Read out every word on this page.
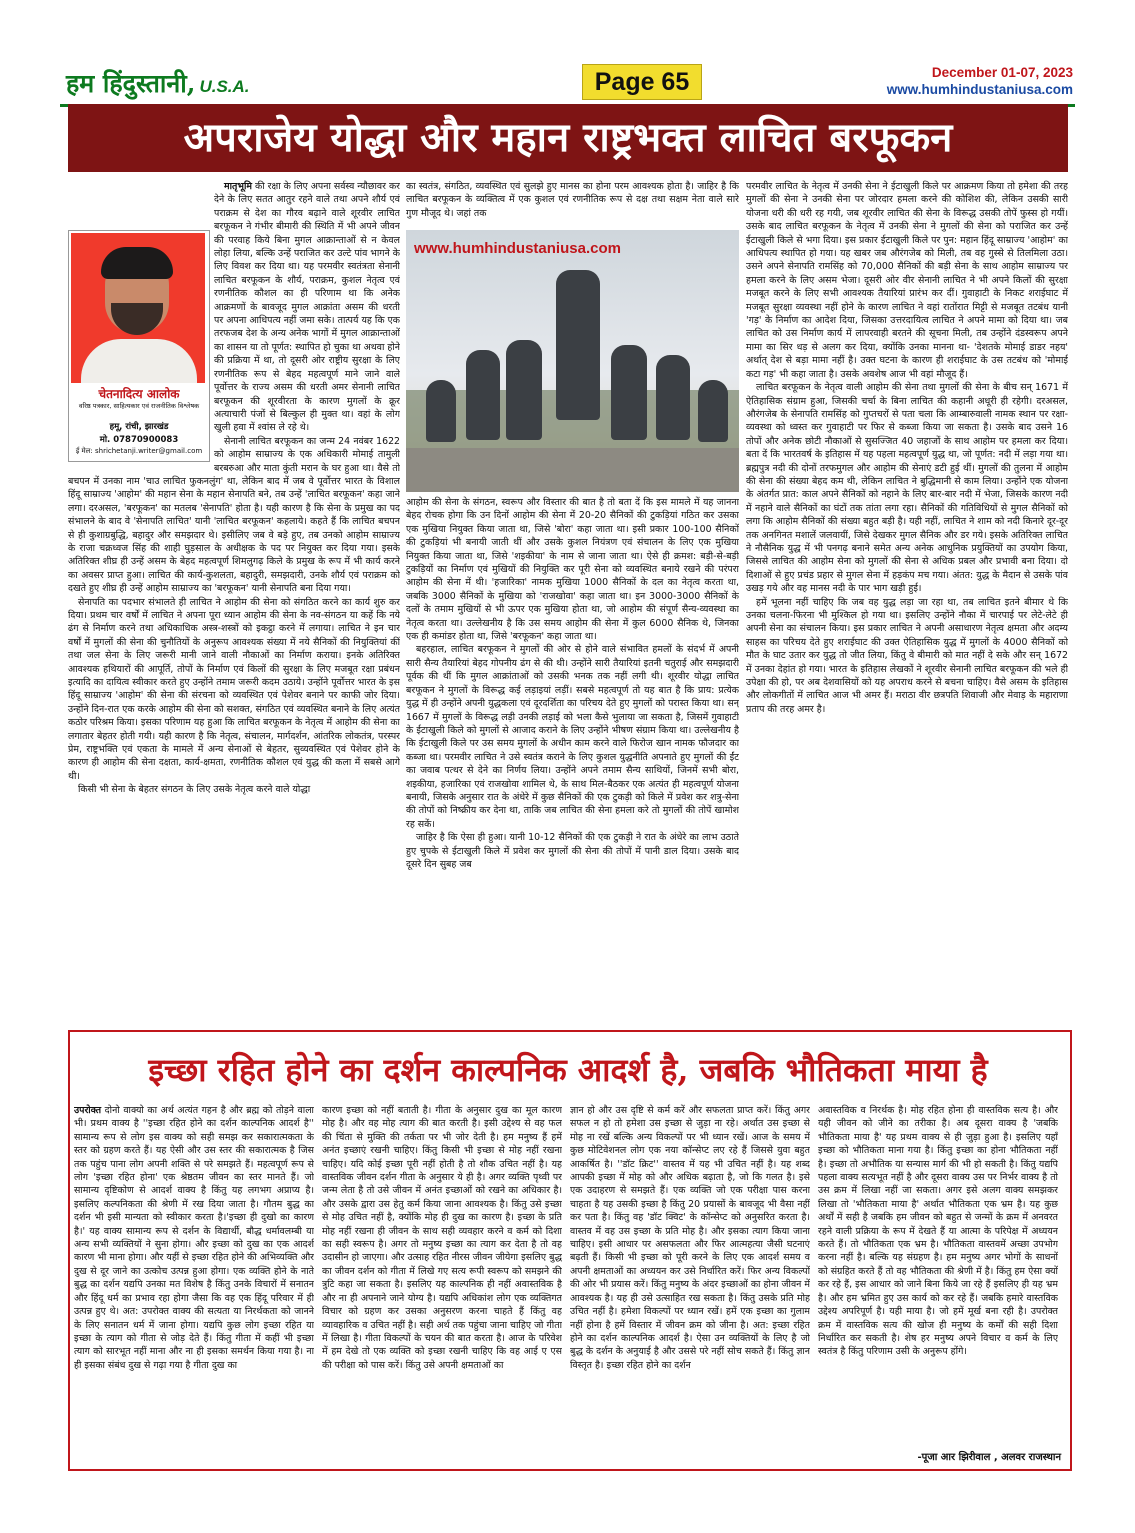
हम हिंदुस्तानी, U.S.A.	Page 65	December 01-07, 2023
www.humhindustaniusa.com
अपराजेय योद्धा और महान राष्ट्रभक्त लाचित बरफूकन

मातृभूमि की रक्षा के लिए अपना सर्वस्व न्यौछावर कर देने के लिए सतत आतुर रहने वाले तथा अपने शौर्य एवं पराक्रम से देश का गौरव बढ़ाने वाले शूरवीर लाचित बरफूकन ने गंभीर बीमारी की स्थिति में भी अपने जीवन की परवाह किये बिना मुगल आक्रान्ताओं से न केवल लोहा लिया, बल्कि उन्हें पराजित कर उल्टे पांव भागने के लिए विवश कर दिया था। यह परमवीर स्वतंत्रता सेनानी लाचित बरफूकन के शौर्य, पराक्रम, कुशल नेतृत्व एवं रणनीतिक कौशल का ही परिणाम था कि अनेक आक्रमणों के बावजूद मुगल आक्रांता असम की धरती पर अपना आधिपत्य नहीं जमा सके। तात्पर्य यह कि एक तरफजब देश के अन्य अनेक भागों में मुगल आक्रान्ताओं का शासन या तो पूर्णत: स्थापित हो चुका था अथवा होने की प्रक्रिया में था, तो दूसरी ओर राष्ट्रीय सुरक्षा के लिए रणनीतिक रूप से बेहद महत्वपूर्ण माने जाने वाले पूर्वोत्तर के राज्य असम की धरती अमर सेनानी लाचित बरफूकन की शूरवीरता के कारण मुगलों के क्रूर अत्याचारी पंजों से बिल्कुल ही मुक्त था। वहां के लोग खुली हवा में श्वांस ले रहे थे।

सेनानी लाचित बरफूकन का जन्म 24 नवंबर 1622 को आहोम साम्राज्य के एक अधिकारी मोमाई तामुली बरबरुआ और माता कुंती मरान के घर हुआ था। वैसे तो बचपन में उनका नाम 'चाउ लाचित फुकनलुंग' था, लेकिन बाद में जब वे पूर्वोत्तर भारत के विशाल हिंदू साम्राज्य 'आहोम' की महान सेना के महान सेनापति बने, तब उन्हें 'लाचित बरफूकन' कहा जाने लगा। दरअसल, 'बरफूकन' का मतलब 'सेनापति' होता है। यही कारण है कि सेना के प्रमुख का पद संभालने के बाद वे 'सेनापति लाचित' यानी 'लाचित बरफूकन' कहलाये। कहते हैं कि लाचित बचपन से ही कुशाग्रबुद्धि, बहादुर और समझदार थे। इसीलिए जब वे बड़े हुए, तब उनको आहोम साम्राज्य के राजा चक्रध्वज सिंह की शाही घुड़साल के अधीक्षक के पद पर नियुक्त कर दिया गया। इसके अतिरिक्त शीघ्र ही उन्हें असम के बेहद महत्वपूर्ण शिमलुगढ़ किले के प्रमुख के रूप में भी कार्य करने का अवसर प्राप्त हुआ। लाचित की कार्य-कुशलता, बहादुरी, समझदारी, उनके शौर्य एवं पराक्रम को दखते हुए शीघ्र ही उन्हें आहोम साम्राज्य का 'बरफूकन' यानी सेनापति बना दिया गया।

सेनापति का पदभार संभालते ही लाचित ने आहोम की सेना को संगठित करने का कार्य शुरु कर दिया। प्रथम चार वर्षों में लाचित ने अपना पूरा ध्यान आहोम की सेना के नव-संगठन या कहें कि नये ढंग से निर्माण करने तथा अधिकाधिक अस्त्र-शस्त्रों को इकट्ठा करने में लगाया। लाचित ने इन चार वर्षों में मुगलों की सेना की चुनौतियों के अनुरूप आवश्यक संख्या में नये सैनिकों की नियुक्तियां कीं तथा जल सेना के लिए जरूरी मानी जाने वाली नौकाओं का निर्माण कराया। इनके अतिरिक्त आवश्यक हथियारों की आपूर्ति, तोपों के निर्माण एवं किलों की सुरक्षा के लिए मजबूत रक्षा प्रबंधन इत्यादि का दायित्व स्वीकार करते हुए उन्होंने तमाम जरूरी कदम उठाये। उन्होंने पूर्वोत्तर भारत के इस हिंदू साम्राज्य 'आहोम' की सेना की संरचना को व्यवस्थित एवं पेशेवर बनाने पर काफी जोर दिया। उन्होंने दिन-रात एक करके आहोम की सेना को सशक्त, संगठित एवं व्यवस्थित बनाने के लिए अत्यंत कठोर परिश्रम किया। इसका परिणाम यह हुआ कि लाचित बरफूकन के नेतृत्व में आहोम की सेना का लगातार बेहतर होती गयी। यही कारण है कि नेतृत्व, संचालन, मार्गदर्शन, आंतरिक लोकतंत्र, परस्पर प्रेम, राष्ट्रभक्ति एवं एकता के मामले में अन्य सेनाओं से बेहतर, सुव्यवस्थित एवं पेशेवर होने के कारण ही आहोम की सेना दक्षता, कार्य-क्षमता, रणनीतिक कौशल एवं युद्ध की कला में सबसे आगे थी।

किसी भी सेना के बेहतर संगठन के लिए उसके नेतृत्व करने वाले योद्धा

चेतनादित्य आलोक
वरिष्ठ पत्रकार, साहित्यकार एवं राजनीतिक विश्लेषक
हमू, रांची, झारखंड
मो. 07870900083
ई मेल: shrichetanji.writer@gmail.com

का स्वतंत्र, संगठित, व्यवस्थित एवं सुलझे हुए मानस का होना परम आवश्यक होता है। जाहिर है कि लाचित बरफूकन के व्यक्तित्व में एक कुशल एवं रणनीतिक रूप से दक्ष तथा सक्षम नेता वाले सारे गुण मौजूद थे। जहां तक

www.humhindustaniusa.com

आहोम की सेना के संगठन, स्वरूप और विस्तार की बात है तो बता दें कि इस मामले में यह जानना बेहद रोचक होगा कि उन दिनों आहोम की सेना में 20-20 सैनिकों की टुकड़ियां गठित कर उसका एक मुखिया नियुक्त किया जाता था, जिसे 'बोरा' कहा जाता था। इसी प्रकार 100-100 सैनिकों की टुकड़ियां भी बनायी जाती थीं और उसके कुशल नियंत्रण एवं संचालन के लिए एक मुखिया नियुक्त किया जाता था, जिसे 'शइकीया' के नाम से जाना जाता था। ऐसे ही क्रमश: बड़ी-से-बड़ी टुकड़ियों का निर्माण एवं मुखियों की नियुक्ति कर पूरी सेना को व्यवस्थित बनाये रखने की परंपरा आहोम की सेना में थी। 'हजारिका' नामक मुखिया 1000 सैनिकों के दल का नेतृत्व करता था, जबकि 3000 सैनिकों के मुखिया को 'राजखोवा' कहा जाता था। इन 3000-3000 सैनिकों के दलों के तमाम मुखियों से भी ऊपर एक मुखिया होता था, जो आहोम की संपूर्ण सैन्य-व्यवस्था का नेतृत्व करता था। उल्लेखनीय है कि उस समय आहोम की सेना में कुल 6000 सैनिक थे, जिनका एक ही कमांडर होता था, जिसे 'बरफूकन' कहा जाता था।

बहरहाल, लाचित बरफूकन ने मुगलों की ओर से होने वाले संभावित हमलों के संदर्भ में अपनी सारी सैन्य तैयारियां बेहद गोपनीय ढंग से की थी। उन्होंने सारी तैयारियां इतनी चतुराई और समझदारी पूर्वक की थीं कि मुगल आक्रांताओं को उसकी भनक तक नहीं लगी थी। शूरवीर योद्धा लाचित बरफूकन ने मुगलों के विरूद्ध कई लड़ाइयां लड़ीं। सबसे महत्वपूर्ण तो यह बात है कि प्राय: प्रत्येक युद्ध में ही उन्होंने अपनी युद्धकला एवं दूरदर्शिता का परिचय देते हुए मुगलों को परास्त किया था। सन् 1667 में मुगलों के विरूद्ध लड़ी उनकी लड़ाई को भला कैसे भुलाया जा सकता है, जिसमें गुवाहाटी के ईटाखुली किले को मुगलों से आजाद कराने के लिए उन्होंने भीषण संग्राम किया था। उल्लेखनीय है कि ईटाखुली किले पर उस समय मुगलों के अधीन काम करने वाले फिरोज खान नामक फौजदार का कब्जा था। परमवीर लाचित ने उसे स्वतंत्र कराने के लिए कुशल युद्धनीति अपनाते हुए मुगलों की ईंट का जवाब पत्थर से देने का निर्णय लिया। उन्होंने अपने तमाम सैन्य साथियों, जिनमें सभी बोरा, शइकीया, हजारिका एवं राजखोवा शामिल थे, के साथ मिल-बैठकर एक अत्यंत ही महत्वपूर्ण योजना बनायी, जिसके अनुसार रात के अंधेरे में कुछ सैनिकों की एक टुकड़ी को किले में प्रवेश कर शत्रु-सेना की तोपों को निष्क्रीय कर देना था, ताकि जब लाचित की सेना हमला करे तो मुगलों की तोपें खामोश रह सकें।

जाहिर है कि ऐसा ही हुआ। यानी 10-12 सैनिकों की एक टुकड़ी ने रात के अंधेरे का लाभ उठाते हुए चुपके से ईटाखुली किले में प्रवेश कर मुगलों की सेना की तोपों में पानी डाल दिया। उसके बाद दूसरे दिन सुबह जब

परमवीर लाचित के नेतृत्व में उनकी सेना ने ईटाखुली किले पर आक्रमण किया तो हमेशा की तरह मुगलों की सेना ने उनकी सेना पर जोरदार हमला करने की कोशिश की, लेकिन उसकी सारी योजना धरी की धरी रह गयी, जब शूरवीर लाचित की सेना के विरूद्ध उसकी तोपें फुस्स हो गयीं। उसके बाद लाचित बरफूकन के नेतृत्व में उनकी सेना ने मुगलों की सेना को पराजित कर उन्हें ईटाखुली किले से भगा दिया। इस प्रकार ईटाखुली किले पर पुन: महान हिंदू साम्राज्य 'आहोम' का आधिपत्य स्थापित हो गया। यह खबर जब औरंगजेब को मिली, तब वह गुस्से से तिलमिला उठा। उसने अपने सेनापति रामसिंह को 70,000 सैनिकों की बड़ी सेना के साथ आहोम साम्राज्य पर हमला करने के लिए असम भेजा। दूसरी ओर वीर सेनानी लाचित ने भी अपने किलों की सुरक्षा मजबूत करने के लिए सभी आवश्यक तैयारियां प्रारंभ कर दीं। गुवाहाटी के निकट शराईघाट में मजबूत सुरक्षा व्यवस्था नहीं होने के कारण लाचित ने वहां रातोंरात मिट्टी से मजबूत तटबंध यानी 'गड़' के निर्माण का आदेश दिया, जिसका उत्तरदायित्व लाचित ने अपने मामा को दिया था। जब लाचित को उस निर्माण कार्य में लापरवाही बरतने की सूचना मिली, तब उन्होंने दंडस्वरूप अपने मामा का सिर धड़ से अलग कर दिया, क्योंकि उनका मानना था- 'देशतके मोमाई डाडर नहय' अर्थात् देश से बड़ा मामा नहीं है। उक्त घटना के कारण ही शराईघाट के उस तटबंध को 'मोमाई कटा गड़' भी कहा जाता है। उसके अवशेष आज भी वहां मौजूद हैं।

लाचित बरफूकन के नेतृत्व वाली आहोम की सेना तथा मुगलों की सेना के बीच सन् 1671 में ऐतिहासिक संग्राम हुआ, जिसकी चर्चा के बिना लाचित की कहानी अधूरी ही रहेगी। दरअसल, औरंगजेब के सेनापति रामसिंह को गुप्तचरों से पता चला कि आम्बारुवाली नामक स्थान पर रक्षा-व्यवस्था को ध्वस्त कर गुवाहाटी पर फिर से कब्जा किया जा सकता है। उसके बाद उसने 16 तोपों और अनेक छोटी नौकाओं से सुसज्जित 40 जहाजों के साथ आहोम पर हमला कर दिया। बता दें कि भारतवर्ष के इतिहास में यह पहला महत्वपूर्ण युद्ध था, जो पूर्णत: नदी में लड़ा गया था। ब्रह्मपुत्र नदी की दोनों तरफमुगल और आहोम की सेनाएं डटी हुई थीं। मुगलों की तुलना में आहोम की सेना की संख्या बेहद कम थी, लेकिन लाचित ने बुद्धिमानी से काम लिया। उन्होंने एक योजना के अंतर्गत प्रात: काल अपने सैनिकों को नहाने के लिए बार-बार नदी में भेजा, जिसके कारण नदी में नहाने वाले सैनिकों का घंटों तक तांता लगा रहा। सैनिकों की गतिविधियों से मुगल सैनिकों को लगा कि आहोम सैनिकों की संख्या बहुत बड़ी है। यही नहीं, लाचित ने शाम को नदी किनारे दूर-दूर तक अनगिनत मशालें जलवायीं, जिसे देखकर मुगल सैनिक और डर गये। इसके अतिरिक्त लाचित ने नौसैनिक युद्ध में भी पनगढ़ बनाने समेत अन्य अनेक आधुनिक प्रयुक्तियों का उपयोग किया, जिससे लाचित की आहोम सेना को मुगलों की सेना से अधिक प्रबल और प्रभावी बना दिया। दो दिशाओं से हुए प्रचंड प्रहार से मुगल सेना में हड़कंप मच गया। अंतत: युद्ध के मैदान से उसके पांव उखड़ गये और वह मानस नदी के पार भाग खड़ी हुई।

हमें भूलना नहीं चाहिए कि जब वह युद्ध लड़ा जा रहा था, तब लाचित इतने बीमार थे कि उनका चलना-फिरना भी मुश्किल हो गया था। इसलिए उन्होंने नौका में चारपाई पर लेटे-लेटे ही अपनी सेना का संचालन किया। इस प्रकार लाचित ने अपनी असाधारण नेतृत्व क्षमता और अदम्य साहस का परिचय देते हुए शराईघाट की उक्त ऐतिहासिक युद्ध में मुगलों के 4000 सैनिकों को मौत के घाट उतार कर युद्ध तो जीत लिया, किंतु वे बीमारी को मात नहीं दे सके और सन् 1672 में उनका देहांत हो गया। भारत के इतिहास लेखकों ने शूरवीर सेनानी लाचित बरफूकन की भले ही उपेक्षा की हो, पर अब देशवासियों को यह अपराध करने से बचना चाहिए। वैसे असम के इतिहास और लोकगीतों में लाचित आज भी अमर हैं। मराठा वीर छत्रपति शिवाजी और मेवाड़ के महाराणा प्रताप की तरह अमर है।

इच्छा रहित होने का दर्शन काल्पनिक आदर्श है, जबकि भौतिकता माया है

उपरोक्त दोनो वाक्यो का अर्थ अत्यंत गहन है और ब्रह्म को तोड़ने वाला भी। प्रथम वाक्य है ''इच्छा रहित होने का दर्शन काल्पनिक आदर्श है'' सामान्य रूप से लोग इस वाक्य को सही समझ कर सकारात्मकता के स्तर को ग्रहण करते हैं। यह ऐसी और उस स्तर की सकारात्मक है जिस तक पहुंच पाना लोग अपनी शक्ति से परे समझते हैं। महत्वपूर्ण रूप से लोग 'इच्छा रहित होना' एक श्रेष्ठतम जीवन का स्तर मानते हैं। जो सामान्य दृष्टिकोण से आदर्श वाक्य है किंतु यह लगभग अप्राप्य है। इसलिए कल्पनिकता की श्रेणी में रख दिया जाता है। गौतम बुद्ध का दर्शन भी इसी मान्यता को स्वीकार करता है।'इच्छा ही दुखो का कारण है।' यह वाक्य सामान्य रूप से दर्शन के विद्यार्थी, बौद्ध धर्मावलम्बी या अन्य सभी व्यक्तियों ने सुना होगा। और इच्छा को दुख का एक आदर्श कारण भी माना होगा। और यहीं से इच्छा रहित होने की अभिव्यक्ति और दुख से दूर जाने का उत्कोच उत्पन्न हुआ होगा। एक व्यक्ति होने के नाते बुद्ध का दर्शन यद्यपि उनका मत विशेष है किंतु उनके विचारों में सनातन और हिंदू धर्म का प्रभाव रहा होगा जैसा कि वह एक हिंदू परिवार में ही उत्पन्न हुए थे। अत: उपरोक्त वाक्य की सत्यता या निरर्थकता को जानने के लिए सनातन धर्म में जाना होगा। यद्यपि कुछ लोग इच्छा रहित या इच्छा के त्याग को गीता से जोड़ देते हैं। किंतु गीता में कहीं भी इच्छा त्याग को सारभूत नहीं माना और ना ही इसका समर्थन किया गया है। ना ही इसका संबंध दुख से गढ़ा गया है गीता दुख का

कारण इच्छा को नहीं बताती है। गीता के अनुसार दुख का मूल कारण मोह है। और वह मोह त्याग की बात करती है। इसी उद्देश्य से वह फल की चिंता से मुक्ति की तर्कता पर भी जोर देती है। हम मनुष्य हैं हमें अनंत इच्छाएं रखनी चाहिए। किंतु किसी भी इच्छा से मोह नहीं रखना चाहिए। यदि कोई इच्छा पूरी नहीं होती है तो शौक उचित नहीं है। यह वास्तविक जीवन दर्शन गीता के अनुसार ये ही है। अगर व्यक्ति पृथ्वी पर जन्म लेता है तो उसे जीवन में अनंत इच्छाओं को रखने का अधिकार है। और उसके द्वारा उस हेतु कर्म किया जाना आवश्यक है। किंतु उसे इच्छा से मोह उचित नहीं है, क्योंकि मोह ही दुख का कारण है। इच्छा के प्रति मोह नहीं रखना ही जीवन के साथ सही व्यवहार करने व कर्म को दिशा का सही स्वरूप है। अगर तो मनुष्य इच्छा का त्याग कर देता है तो वह उदासीन हो जाएगा। और उत्साह रहित नीरस जीवन जीयेगा इसलिए बुद्ध का जीवन दर्शन को गीता में लिखे गए सत्य रूपी स्वरूप को समझने की त्रुटि कहा जा सकता है। इसलिए यह काल्पनिक ही नहीं अवास्तविक है और ना ही अपनाने जाने योग्य है। यद्यपि अधिकांश लोग एक व्यक्तिगत विचार को ग्रहण कर उसका अनुसरण करना चाहते हैं किंतु वह व्यावहारिक व उचित नहीं है। सही अर्थ तक पहुंचा जाना चाहिए जो गीता में लिखा है। गीता विकल्पों के चयन की बात करता है। आज के परिवेश में हम देखे तो एक व्यक्ति को इच्छा रखनी चाहिए कि वह आई ए एस की परीक्षा को पास करें। किंतु उसे अपनी क्षमताओं का

ज्ञान हो और उस दृष्टि से कर्म करें और सफलता प्राप्त करें। किंतु अगर सफल न हो तो हमेशा उस इच्छा से जुड़ा ना रहे। अर्थात उस इच्छा से मोह ना रखें बल्कि अन्य विकल्पों पर भी ध्यान रखें। आज के समय में कुछ मोटिवेशनल लोग एक नया कॉन्सेप्ट लए रहे हैं जिससे युवा बहुत आकर्षित है। ''डॉट क्रिट'' वास्तव में यह भी उचित नहीं है। यह शब्द आपकी इच्छा में मोह को और अधिक बढ़ाता है, जो कि गलत है। इसे एक उदाहरण से समझते हैं। एक व्यक्ति जो एक परीक्षा पास करना चाहता है यह उसकी इच्छा है किंतु 20 प्रयासों के बावजूद भी वैसा नहीं कर पता है। किंतु वह 'डॉट क्विट' के कॉन्सेप्ट को अनुसरित करता है। वास्तव में वह उस इच्छा के प्रति मोह है। और इसका त्याग किया जाना चाहिए। इसी आधार पर असफलता और फिर आत्महत्या जैसी घटनाएं बढ़ती हैं। किसी भी इच्छा को पूरी करने के लिए एक आदर्श समय व अपनी क्षमताओं का अध्ययन कर उसे निर्धारित करें। फिर अन्य विकल्पों की ओर भी प्रयास करें। किंतु मनुष्य के अंदर इच्छाओं का होना जीवन में आवश्यक है। यह ही उसे उत्साहित रख सकता है। किंतु उसके प्रति मोह उचित नहीं है। हमेशा विकल्पों पर ध्यान रखें। हमें एक इच्छा का गुलाम नहीं होना है हमें विस्तार में जीवन क्रम को जीना है। अत: इच्छा रहित होने का दर्शन काल्पनिक आदर्श है। ऐसा उन व्यक्तियों के लिए है जो बुद्ध के दर्शन के अनुयाई है और उससे परे नहीं सोच सकते हैं। किंतु ज्ञान विस्तृत है। इच्छा रहित होने का दर्शन

अवास्तविक व निरर्थक है। मोह रहित होना ही वास्तविक सत्य है। और यही जीवन को जीने का तरीका है। अब दूसरा वाक्य है 'जबकि भौतिकता माया है' यह प्रथम वाक्य से ही जुड़ा हुआ है। इसलिए यहाँ इच्छा को भौतिकता माना गया है। किंतु इच्छा का होना भौतिकता नहीं है। इच्छा तो अभौतिक या सन्यास मार्ग की भी हो सकती है। किंतु यद्यपि पहला वाक्य सत्यभूत नहीं है और दूसरा वाक्य उस पर निर्भर वाक्य है तो उस क्रम में लिखा नहीं जा सकता। अगर इसे अलग वाक्य समझकर लिखा तो 'भौतिकता माया है' अर्थात भौतिकता एक भ्रम है। यह कुछ अर्थों में सही है जबकि हम जीवन को बहुत से जन्मों के क्रम में अनवरत रहने वाली प्रक्रिया के रूप में देखते हैं या आत्मा के परिपेक्ष में अध्ययन करते हैं। तो भौतिकता एक भ्रम है। भौतिकता वास्तवमें अच्छा उपभोग करना नहीं है। बल्कि यह संग्रहण है। हम मनुष्य अगर भोगों के साधनों को संग्रहित करते हैं तो वह भौतिकता की श्रेणी में है। किंतु हम ऐसा क्यों कर रहे हैं, इस आधार को जाने बिना किये जा रहे हैं इसलिए ही यह भ्रम है। और हम भ्रमित हुए उस कार्य को कर रहे हैं। जबकि हमारे वास्तविक उद्देश्य अपरिपूर्ण है। यही माया है। जो हमें मूर्ख बना रही है। उपरोक्त क्रम में वास्तविक सत्य की खोज ही मनुष्य के कर्मों की सही दिशा निर्धारित कर सकती है। शेष हर मनुष्य अपने विचार व कर्म के लिए स्वतंत्र है किंतु परिणाम उसी के अनुरूप होंगे।

-पूजा आर झिरीवाल , अलवर राजस्थान
